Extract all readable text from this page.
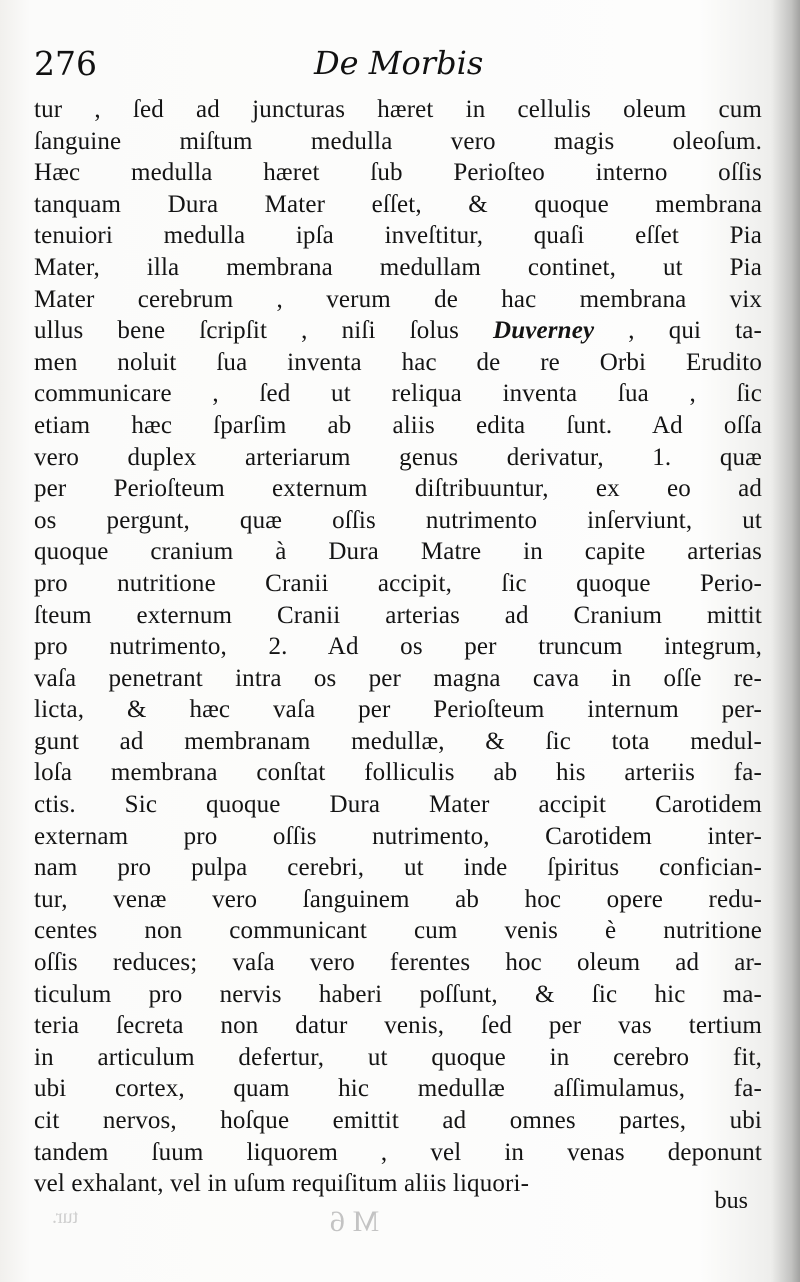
276	De Morbis
tur , ſed ad juncturas hæret in cellulis oleum cum
ſanguine miſtum medulla vero magis oleoſum.
Hæc medulla hæret ſub Perioſteo interno oſſis
tanquam Dura Mater eſſet, & quoque membrana
tenuiori medulla ipſa inveſtitur, quaſi eſſet Pia
Mater, illa membrana medullam continet, ut Pia
Mater cerebrum , verum de hac membrana vix
ullus bene ſcripſit , niſi ſolus Duverney , qui ta-
men noluit ſua inventa hac de re Orbi Erudito
communicare , ſed ut reliqua inventa ſua , ſic
etiam hæc ſparſim ab aliis edita ſunt. Ad oſſa
vero duplex arteriarum genus derivatur, 1. quæ
per Perioſteum externum diſtribuuntur, ex eo ad
os pergunt, quæ oſſis nutrimento inſerviunt, ut
quoque cranium à Dura Matre in capite arterias
pro nutritione Cranii accipit, ſic quoque Perio-
ſteum externum Cranii arterias ad Cranium mittit
pro nutrimento, 2. Ad os per truncum integrum,
vaſa penetrant intra os per magna cava in oſſe re-
licta, & hæc vaſa per Perioſteum internum per-
gunt ad membranam medullæ, & ſic tota medul-
loſa membrana conſtat folliculis ab his arteriis fa-
ctis. Sic quoque Dura Mater accipit Carotidem
externam pro oſſis nutrimento, Carotidem inter-
nam pro pulpa cerebri, ut inde ſpiritus confician-
tur, venæ vero ſanguinem ab hoc opere redu-
centes non communicant cum venis è nutritione
oſſis reduces; vaſa vero ferentes hoc oleum ad ar-
ticulum pro nervis haberi poſſunt, & ſic hic ma-
teria ſecreta non datur venis, ſed per vas tertium
in articulum defertur, ut quoque in cerebro fit,
ubi cortex, quam hic medullæ aſſimulamus, fa-
cit nervos, hoſque emittit ad omnes partes, ubi
tandem ſuum liquorem , vel in venas deponunt
vel exhalant, vel in uſum requiſitum aliis liquori-
bus
tur.	M 6
